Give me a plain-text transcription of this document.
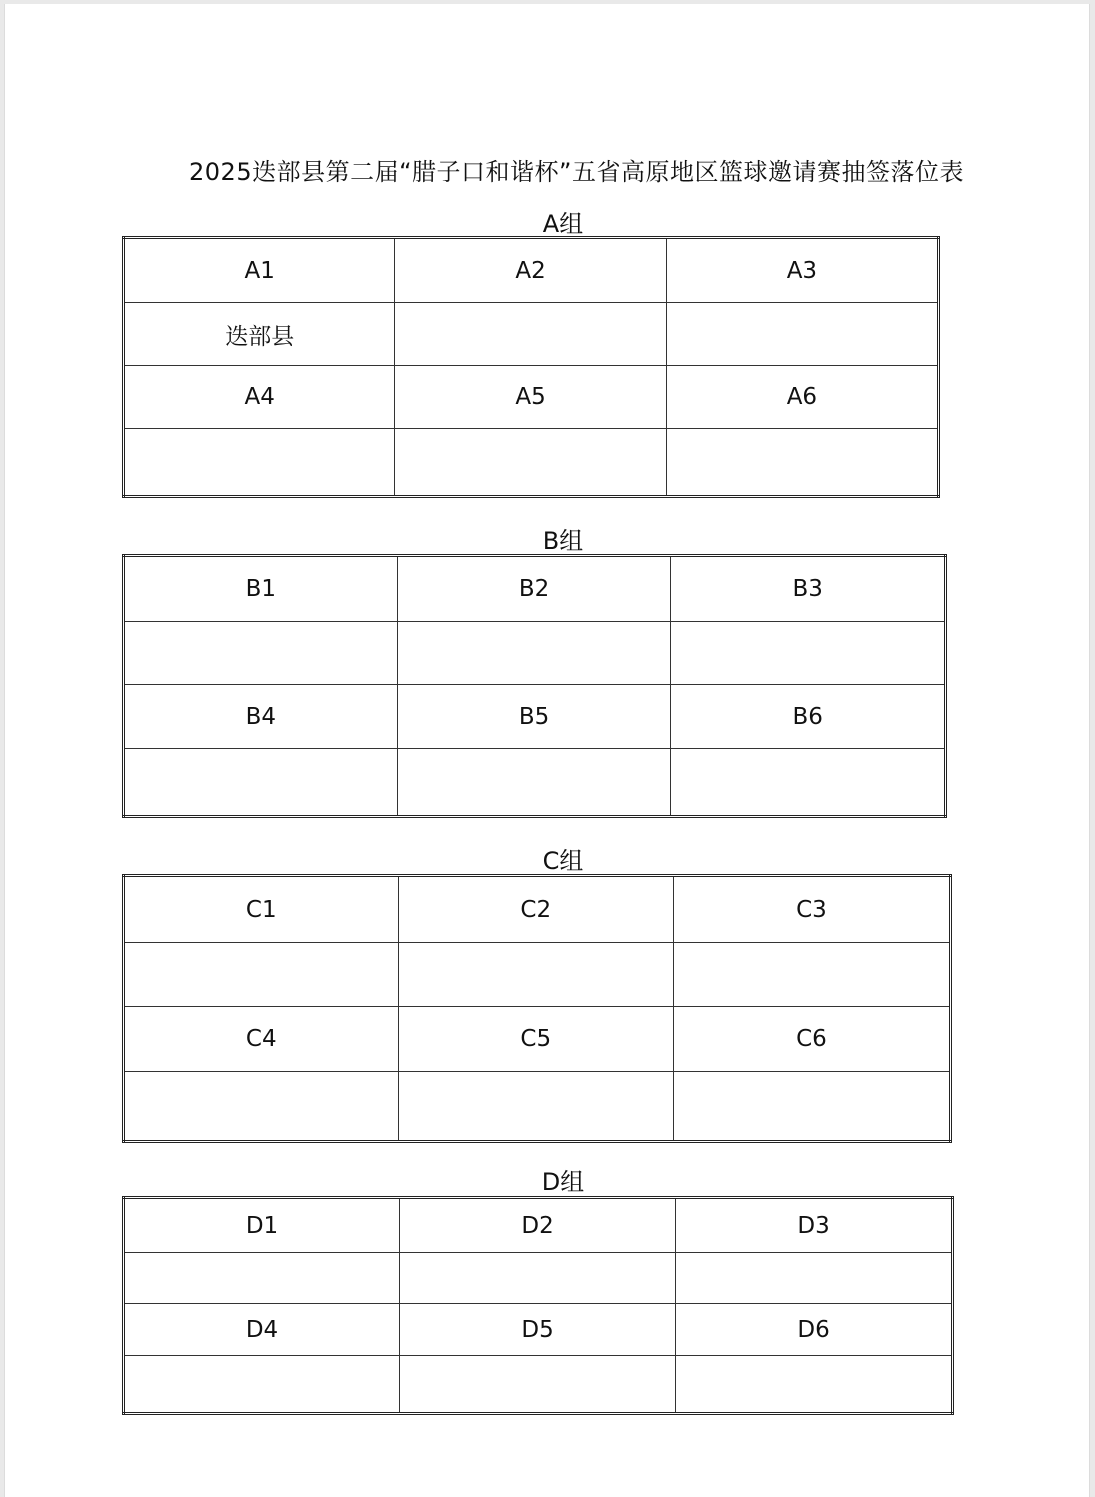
2025迭部县第二届“腊子口和谐杯”五省高原地区篮球邀请赛抽签落位表
A组
A1	A2	A3
迭部县		
A4	A5	A6

B组
B1	B2	B3

B4	B5	B6

C组
C1	C2	C3

C4	C5	C6

D组
D1	D2	D3

D4	D5	D6
